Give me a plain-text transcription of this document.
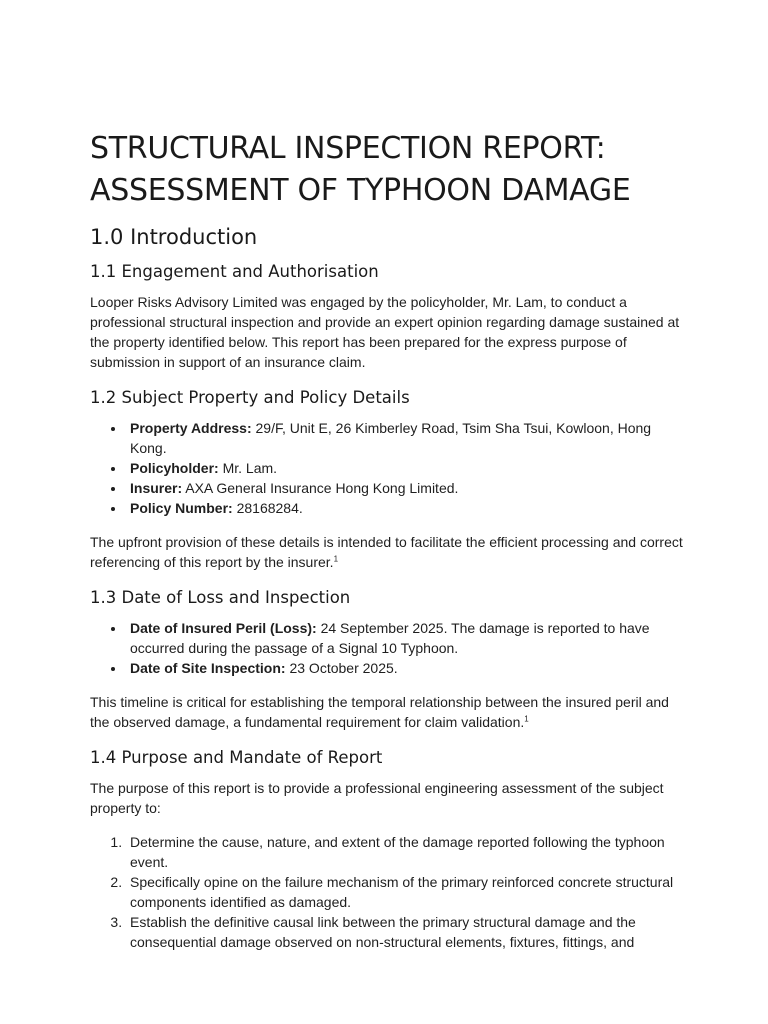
STRUCTURAL INSPECTION REPORT: ASSESSMENT OF TYPHOON DAMAGE
1.0 Introduction
1.1 Engagement and Authorisation

Looper Risks Advisory Limited was engaged by the policyholder, Mr. Lam, to conduct a professional structural inspection and provide an expert opinion regarding damage sustained at the property identified below. This report has been prepared for the express purpose of submission in support of an insurance claim.

1.2 Subject Property and Policy Details
• Property Address: 29/F, Unit E, 26 Kimberley Road, Tsim Sha Tsui, Kowloon, Hong Kong.
• Policyholder: Mr. Lam.
• Insurer: AXA General Insurance Hong Kong Limited.
• Policy Number: 28168284.

The upfront provision of these details is intended to facilitate the efficient processing and correct referencing of this report by the insurer.$^1$

1.3 Date of Loss and Inspection
• Date of Insured Peril (Loss): 24 September 2025. The damage is reported to have occurred during the passage of a Signal 10 Typhoon.
• Date of Site Inspection: 23 October 2025.

This timeline is critical for establishing the temporal relationship between the insured peril and the observed damage, a fundamental requirement for claim validation.$^1$

1.4 Purpose and Mandate of Report

The purpose of this report is to provide a professional engineering assessment of the subject property to:

1. Determine the cause, nature, and extent of the damage reported following the typhoon event.
2. Specifically opine on the failure mechanism of the primary reinforced concrete structural components identified as damaged.
3. Establish the definitive causal link between the primary structural damage and the consequential damage observed on non-structural elements, fixtures, fittings, and
